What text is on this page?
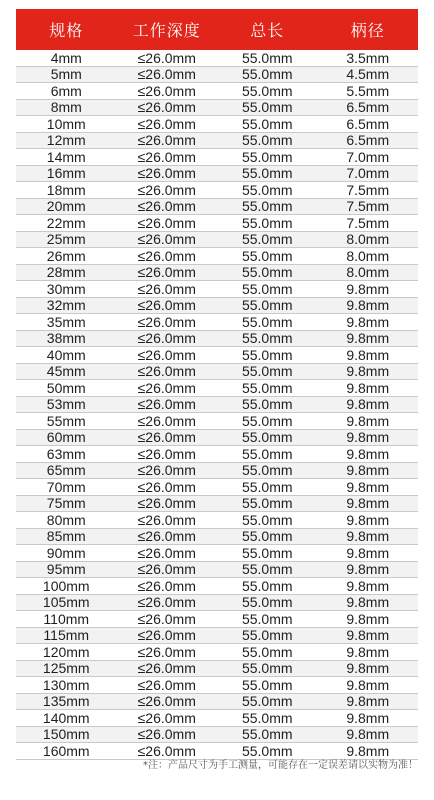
规格	工作深度	总长	柄径
4mm	≤26.0mm	55.0mm	3.5mm
5mm	≤26.0mm	55.0mm	4.5mm
6mm	≤26.0mm	55.0mm	5.5mm
8mm	≤26.0mm	55.0mm	6.5mm
10mm	≤26.0mm	55.0mm	6.5mm
12mm	≤26.0mm	55.0mm	6.5mm
14mm	≤26.0mm	55.0mm	7.0mm
16mm	≤26.0mm	55.0mm	7.0mm
18mm	≤26.0mm	55.0mm	7.5mm
20mm	≤26.0mm	55.0mm	7.5mm
22mm	≤26.0mm	55.0mm	7.5mm
25mm	≤26.0mm	55.0mm	8.0mm
26mm	≤26.0mm	55.0mm	8.0mm
28mm	≤26.0mm	55.0mm	8.0mm
30mm	≤26.0mm	55.0mm	9.8mm
32mm	≤26.0mm	55.0mm	9.8mm
35mm	≤26.0mm	55.0mm	9.8mm
38mm	≤26.0mm	55.0mm	9.8mm
40mm	≤26.0mm	55.0mm	9.8mm
45mm	≤26.0mm	55.0mm	9.8mm
50mm	≤26.0mm	55.0mm	9.8mm
53mm	≤26.0mm	55.0mm	9.8mm
55mm	≤26.0mm	55.0mm	9.8mm
60mm	≤26.0mm	55.0mm	9.8mm
63mm	≤26.0mm	55.0mm	9.8mm
65mm	≤26.0mm	55.0mm	9.8mm
70mm	≤26.0mm	55.0mm	9.8mm
75mm	≤26.0mm	55.0mm	9.8mm
80mm	≤26.0mm	55.0mm	9.8mm
85mm	≤26.0mm	55.0mm	9.8mm
90mm	≤26.0mm	55.0mm	9.8mm
95mm	≤26.0mm	55.0mm	9.8mm
100mm	≤26.0mm	55.0mm	9.8mm
105mm	≤26.0mm	55.0mm	9.8mm
110mm	≤26.0mm	55.0mm	9.8mm
115mm	≤26.0mm	55.0mm	9.8mm
120mm	≤26.0mm	55.0mm	9.8mm
125mm	≤26.0mm	55.0mm	9.8mm
130mm	≤26.0mm	55.0mm	9.8mm
135mm	≤26.0mm	55.0mm	9.8mm
140mm	≤26.0mm	55.0mm	9.8mm
150mm	≤26.0mm	55.0mm	9.8mm
160mm	≤26.0mm	55.0mm	9.8mm
*注：产品尺寸为手工测量，可能存在一定误差请以实物为准！
